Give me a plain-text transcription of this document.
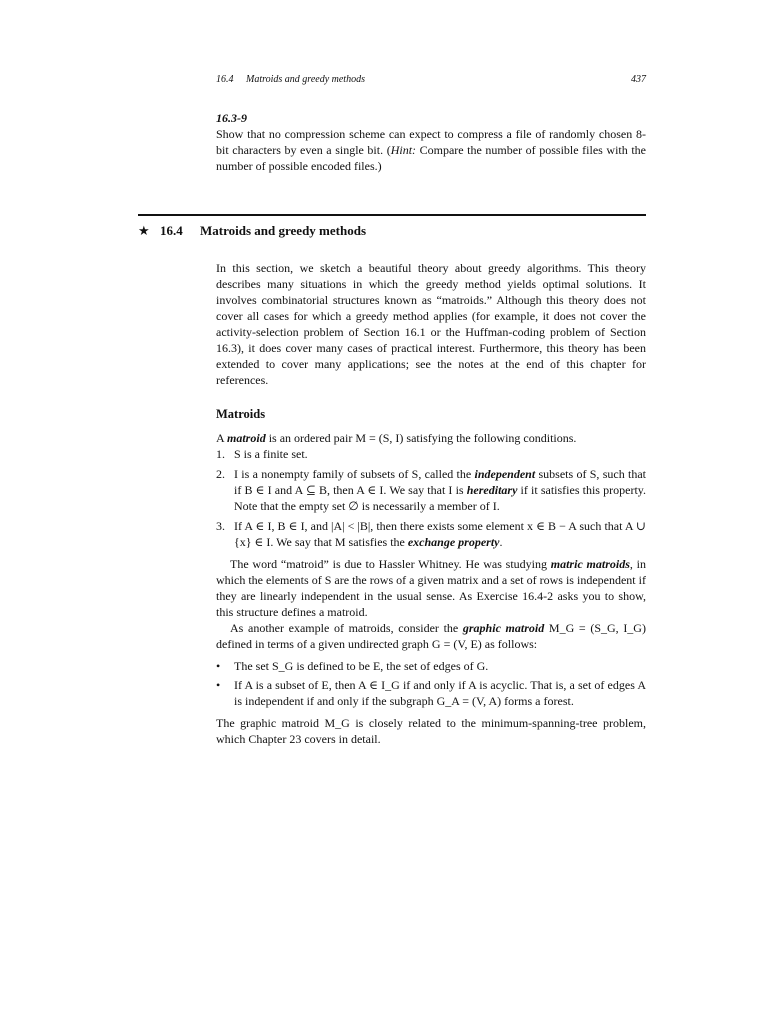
16.4 Matroids and greedy methods	437
16.3-9

Show that no compression scheme can expect to compress a file of randomly chosen 8-bit characters by even a single bit. (Hint: Compare the number of possible files with the number of possible encoded files.)

★ 16.4	Matroids and greedy methods

In this section, we sketch a beautiful theory about greedy algorithms. This theory describes many situations in which the greedy method yields optimal solutions. It involves combinatorial structures known as “matroids.” Although this theory does not cover all cases for which a greedy method applies (for example, it does not cover the activity-selection problem of Section 16.1 or the Huffman-coding problem of Section 16.3), it does cover many cases of practical interest. Furthermore, this theory has been extended to cover many applications; see the notes at the end of this chapter for references.

Matroids

A matroid is an ordered pair M = (S, I) satisfying the following conditions.

1. S is a finite set.
2. I is a nonempty family of subsets of S, called the independent subsets of S, such that if B ∈ I and A ⊆ B, then A ∈ I. We say that I is hereditary if it satisfies this property. Note that the empty set ∅ is necessarily a member of I.
3. If A ∈ I, B ∈ I, and |A| < |B|, then there exists some element x ∈ B − A such that A ∪ {x} ∈ I. We say that M satisfies the exchange property.

The word “matroid” is due to Hassler Whitney. He was studying matric matroids, in which the elements of S are the rows of a given matrix and a set of rows is independent if they are linearly independent in the usual sense. As Exercise 16.4-2 asks you to show, this structure defines a matroid.

As another example of matroids, consider the graphic matroid M_G = (S_G, I_G) defined in terms of a given undirected graph G = (V, E) as follows:

•	The set S_G is defined to be E, the set of edges of G.
•	If A is a subset of E, then A ∈ I_G if and only if A is acyclic. That is, a set of edges A is independent if and only if the subgraph G_A = (V, A) forms a forest.

The graphic matroid M_G is closely related to the minimum-spanning-tree problem, which Chapter 23 covers in detail.
